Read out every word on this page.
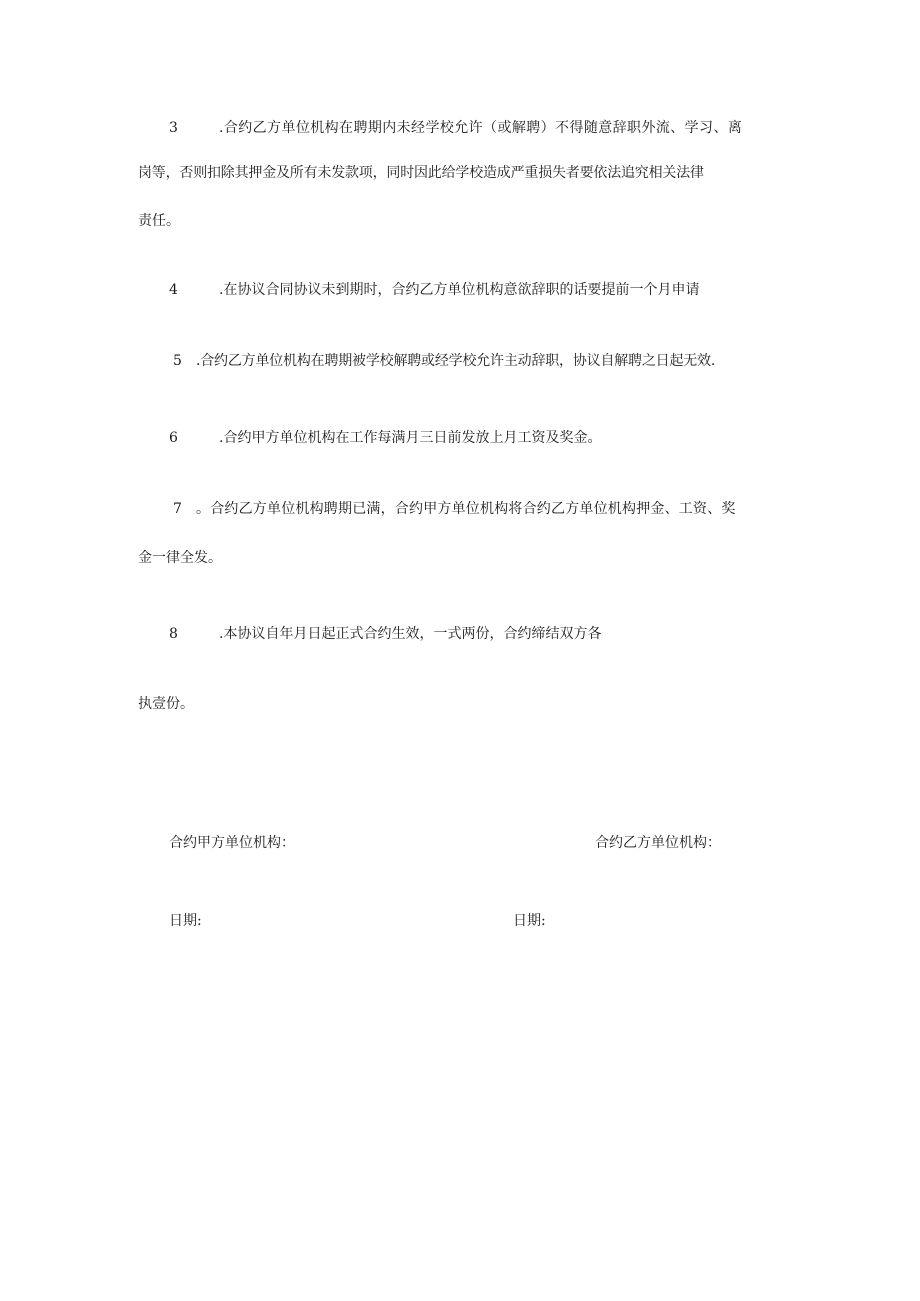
3	.合约乙方单位机构在聘期内未经学校允许（或解聘）不得随意辞职外流、学习、离
岗等，否则扣除其押金及所有未发款项，同时因此给学校造成严重损失者要依法追究相关法律
责任。
4	.在协议合同协议未到期时，合约乙方单位机构意欲辞职的话要提前一个月申请
5 .合约乙方单位机构在聘期被学校解聘或经学校允许主动辞职，协议自解聘之日起无效.
6	.合约甲方单位机构在工作每满月三日前发放上月工资及奖金。
7 。合约乙方单位机构聘期已满，合约甲方单位机构将合约乙方单位机构押金、工资、奖
金一律全发。
8	.本协议自年月日起正式合约生效，一式两份，合约缔结双方各
执壹份。
合约甲方单位机构：	合约乙方单位机构：
日期:	日期:
